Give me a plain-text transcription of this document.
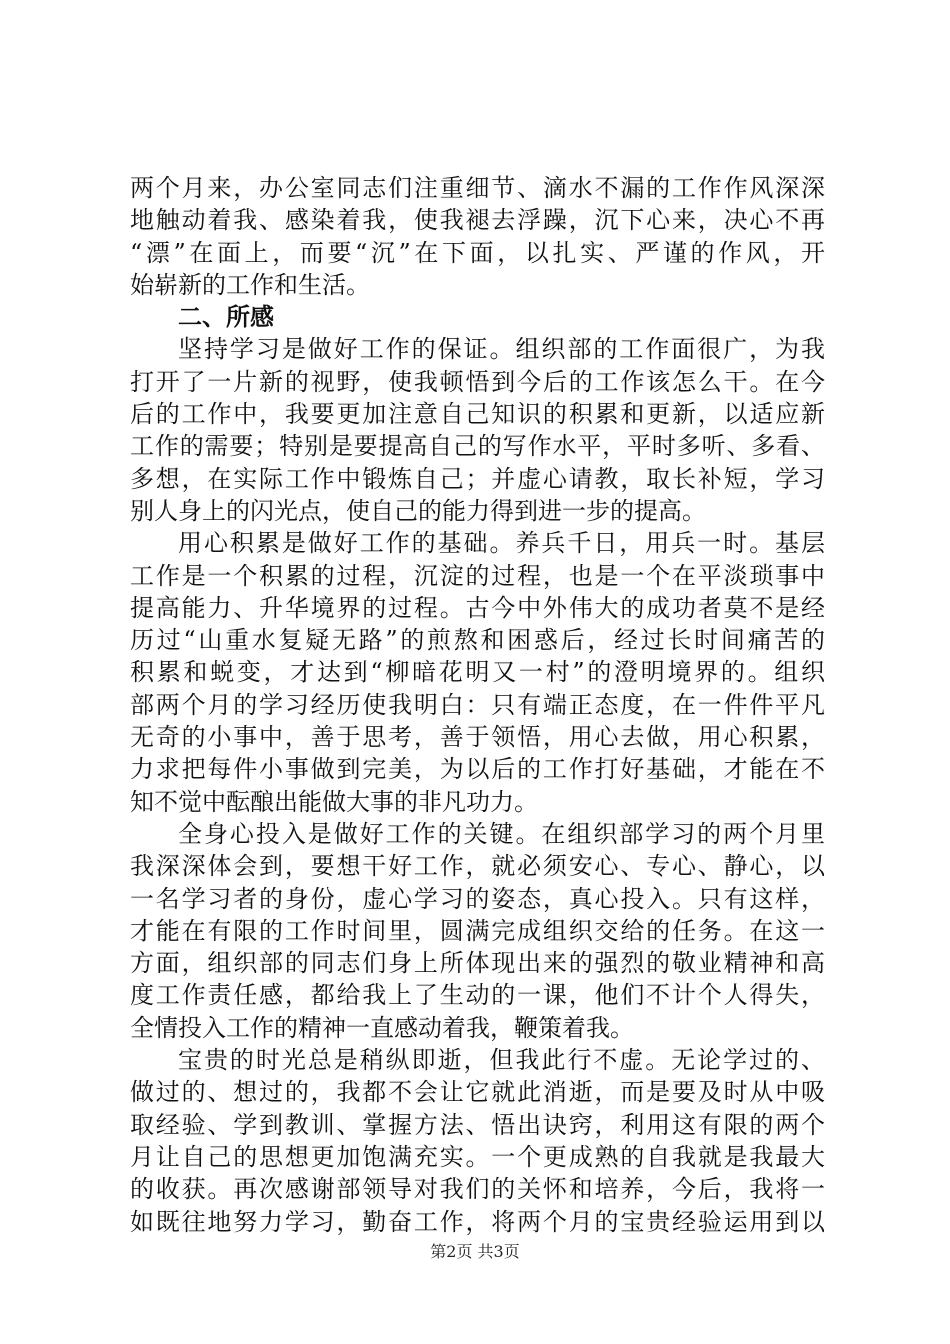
两个月来，办公室同志们注重细节、滴水不漏的工作作风深深
地触动着我、感染着我，使我褪去浮躁，沉下心来，决心不再
“漂”在面上，而要“沉”在下面，以扎实、严谨的作风，开
始崭新的工作和生活。
二、所感
坚持学习是做好工作的保证。组织部的工作面很广，为我
打开了一片新的视野，使我顿悟到今后的工作该怎么干。在今
后的工作中，我要更加注意自己知识的积累和更新，以适应新
工作的需要；特别是要提高自己的写作水平，平时多听、多看、
多想，在实际工作中锻炼自己；并虚心请教，取长补短，学习
别人身上的闪光点，使自己的能力得到进一步的提高。
用心积累是做好工作的基础。养兵千日，用兵一时。基层
工作是一个积累的过程，沉淀的过程，也是一个在平淡琐事中
提高能力、升华境界的过程。古今中外伟大的成功者莫不是经
历过“山重水复疑无路”的煎熬和困惑后，经过长时间痛苦的
积累和蜕变，才达到“柳暗花明又一村”的澄明境界的。组织
部两个月的学习经历使我明白：只有端正态度，在一件件平凡
无奇的小事中，善于思考，善于领悟，用心去做，用心积累，
力求把每件小事做到完美，为以后的工作打好基础，才能在不
知不觉中酝酿出能做大事的非凡功力。
全身心投入是做好工作的关键。在组织部学习的两个月里
我深深体会到，要想干好工作，就必须安心、专心、静心，以
一名学习者的身份，虚心学习的姿态，真心投入。只有这样，
才能在有限的工作时间里，圆满完成组织交给的任务。在这一
方面，组织部的同志们身上所体现出来的强烈的敬业精神和高
度工作责任感，都给我上了生动的一课，他们不计个人得失，
全情投入工作的精神一直感动着我，鞭策着我。
宝贵的时光总是稍纵即逝，但我此行不虚。无论学过的、
做过的、想过的，我都不会让它就此消逝，而是要及时从中吸
取经验、学到教训、掌握方法、悟出诀窍，利用这有限的两个
月让自己的思想更加饱满充实。一个更成熟的自我就是我最大
的收获。再次感谢部领导对我们的关怀和培养，今后，我将一
如既往地努力学习，勤奋工作，将两个月的宝贵经验运用到以
第2页 共3页
